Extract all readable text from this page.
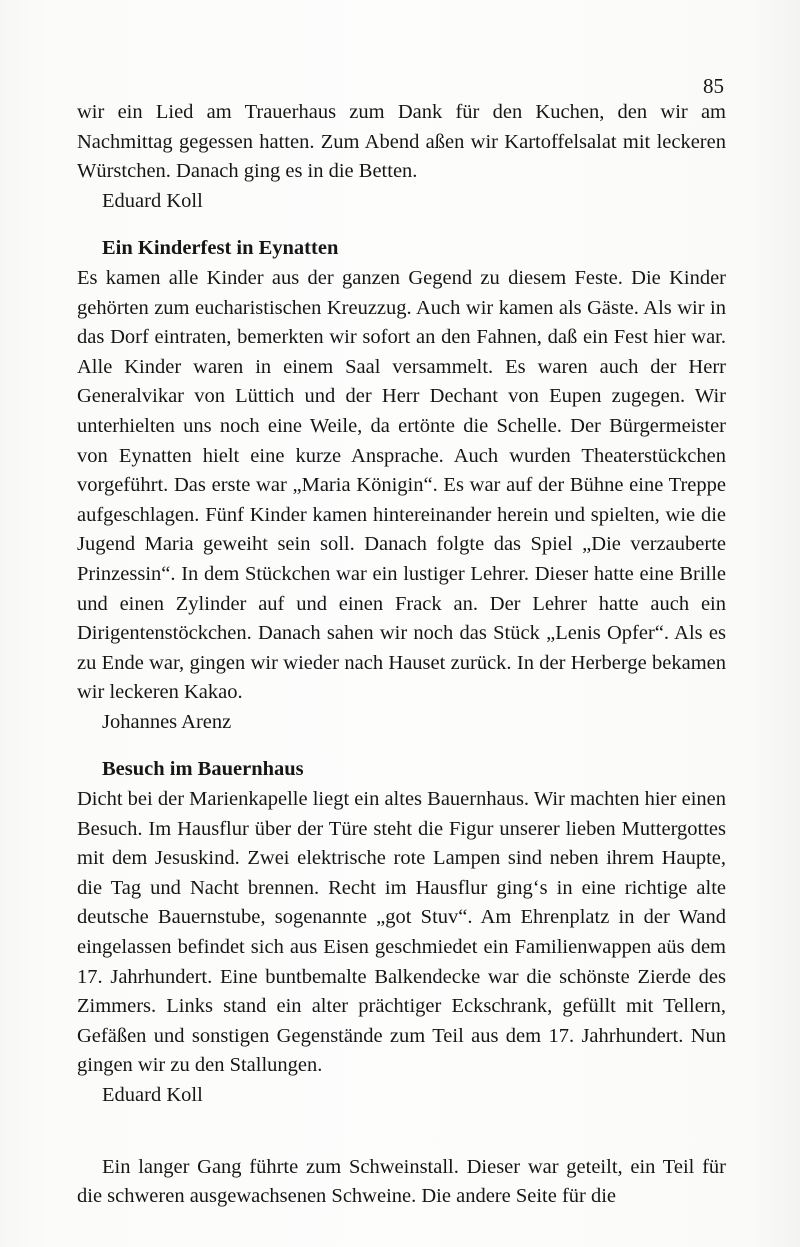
85

wir ein Lied am Trauerhaus zum Dank für den Kuchen, den wir am Nachmittag gegessen hatten. Zum Abend aßen wir Kartoffelsalat mit leckeren Würstchen. Danach ging es in die Betten.

Eduard Koll

Ein Kinderfest in Eynatten

Es kamen alle Kinder aus der ganzen Gegend zu diesem Feste. Die Kinder gehörten zum eucharistischen Kreuzzug. Auch wir kamen als Gäste. Als wir in das Dorf eintraten, bemerkten wir sofort an den Fahnen, daß ein Fest hier war. Alle Kinder waren in einem Saal versammelt. Es waren auch der Herr Generalvikar von Lüttich und der Herr Dechant von Eupen zugegen. Wir unterhielten uns noch eine Weile, da ertönte die Schelle. Der Bürgermeister von Eynatten hielt eine kurze Ansprache. Auch wurden Theaterstückchen vorgeführt. Das erste war „Maria Königin“. Es war auf der Bühne eine Treppe aufgeschlagen. Fünf Kinder kamen hintereinander herein und spielten, wie die Jugend Maria geweiht sein soll. Danach folgte das Spiel „Die verzauberte Prinzessin“. In dem Stückchen war ein lustiger Lehrer. Dieser hatte eine Brille und einen Zylinder auf und einen Frack an. Der Lehrer hatte auch ein Dirigentenstöckchen. Danach sahen wir noch das Stück „Lenis Opfer“. Als es zu Ende war, gingen wir wieder nach Hauset zurück. In der Herberge bekamen wir leckeren Kakao.

Johannes Arenz

Besuch im Bauernhaus

Dicht bei der Marienkapelle liegt ein altes Bauernhaus. Wir machten hier einen Besuch. Im Hausflur über der Türe steht die Figur unserer lieben Muttergottes mit dem Jesuskind. Zwei elektrische rote Lampen sind neben ihrem Haupte, die Tag und Nacht brennen. Recht im Hausflur ging‘s in eine richtige alte deutsche Bauernstube, sogenannte „got Stuv“. Am Ehrenplatz in der Wand eingelassen befindet sich aus Eisen geschmiedet ein Familienwappen aüs dem 17. Jahrhundert. Eine buntbemalte Balkendecke war die schönste Zierde des Zimmers. Links stand ein alter prächtiger Eckschrank, gefüllt mit Tellern, Gefäßen und sonstigen Gegenstände zum Teil aus dem 17. Jahrhundert. Nun gingen wir zu den Stallungen.

Eduard Koll

Ein langer Gang führte zum Schweinstall. Dieser war geteilt, ein Teil für die schweren ausgewachsenen Schweine. Die andere Seite für die
